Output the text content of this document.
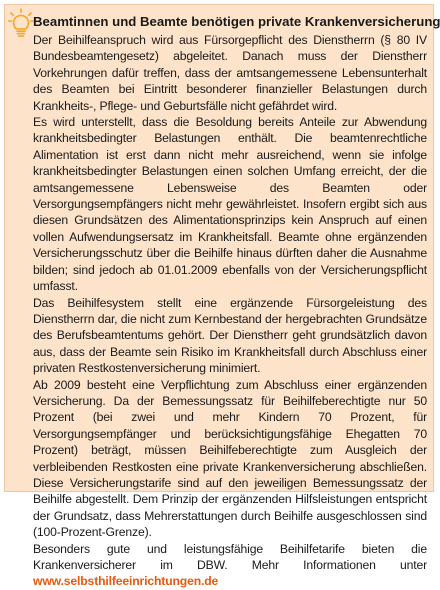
Beamtinnen und Beamte benötigen private Krankenversicherung

Der Beihilfeanspruch wird aus Fürsorgepflicht des Dienstherrn (§ 80 IV Bundesbeamtengesetz) abgeleitet. Danach muss der Dienstherr Vorkehrungen dafür treffen, dass der amtsangemessene Lebensunterhalt des Beamten bei Eintritt besonderer finanzieller Belastungen durch Krankheits-, Pflege- und Geburtsfälle nicht gefährdet wird.

Es wird unterstellt, dass die Besoldung bereits Anteile zur Abwendung krankheitsbedingter Belastungen enthält. Die beamtenrechtliche Alimentation ist erst dann nicht mehr ausreichend, wenn sie infolge krankheitsbedingter Belastungen einen solchen Umfang erreicht, der die amtsangemessene Lebensweise des Beamten oder Versorgungsempfängers nicht mehr gewährleistet. Insofern ergibt sich aus diesen Grundsätzen des Alimentationsprinzips kein Anspruch auf einen vollen Aufwendungsersatz im Krankheitsfall. Beamte ohne ergänzenden Versicherungsschutz über die Beihilfe hinaus dürften daher die Ausnahme bilden; sind jedoch ab 01.01.2009 ebenfalls von der Versicherungspflicht umfasst.

Das Beihilfesystem stellt eine ergänzende Fürsorgeleistung des Dienstherrn dar, die nicht zum Kernbestand der hergebrachten Grundsätze des Berufsbeamtentums gehört. Der Dienstherr geht grundsätzlich davon aus, dass der Beamte sein Risiko im Krankheitsfall durch Abschluss einer privaten Restkostenversicherung minimiert.

Ab 2009 besteht eine Verpflichtung zum Abschluss einer ergänzenden Versicherung. Da der Bemessungssatz für Beihilfeberechtigte nur 50 Prozent (bei zwei und mehr Kindern 70 Prozent, für Versorgungsempfänger und berücksichtigungsfähige Ehegatten 70 Prozent) beträgt, müssen Beihilfeberechtigte zum Ausgleich der verbleibenden Restkosten eine private Krankenversicherung abschließen. Diese Versicherungstarife sind auf den jeweiligen Bemessungssatz der Beihilfe abgestellt. Dem Prinzip der ergänzenden Hilfsleistungen entspricht der Grundsatz, dass Mehrerstattungen durch Beihilfe ausgeschlossen sind (100-Prozent-Grenze).

Besonders gute und leistungsfähige Beihilfetarife bieten die Krankenversicherer im DBW. Mehr Informationen unter www.selbsthilfeeinrichtungen.de
